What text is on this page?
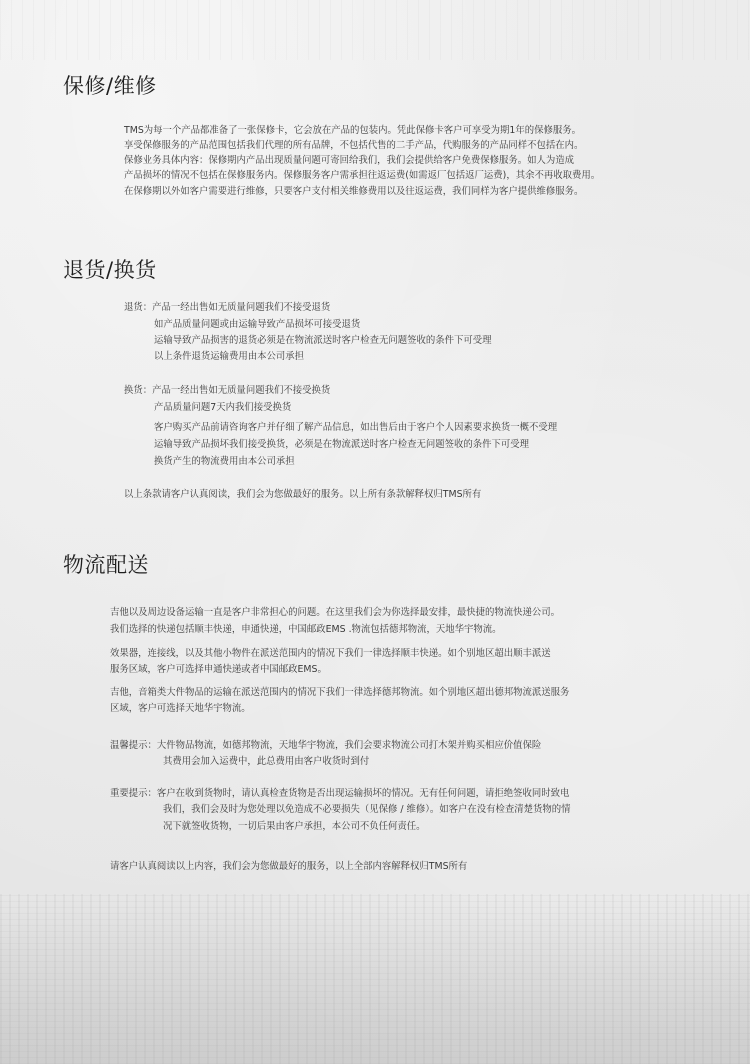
保修/维修

TMS为每一个产品都准备了一张保修卡，它会放在产品的包装内。凭此保修卡客户可享受为期1年的保修服务。

享受保修服务的产品范围包括我们代理的所有品牌，不包括代售的二手产品，代购服务的产品同样不包括在内。

保修业务具体内容：保修期内产品出现质量问题可寄回给我们，我们会提供给客户免费保修服务。如人为造成

产品损坏的情况不包括在保修服务内。保修服务客户需承担往返运费(如需返厂包括返厂运费)，其余不再收取费用。

在保修期以外如客户需要进行维修，只要客户支付相关维修费用以及往返运费，我们同样为客户提供维修服务。

退货/换货

退货：产品一经出售如无质量问题我们不接受退货

如产品质量问题或由运输导致产品损坏可接受退货

运输导致产品损害的退货必须是在物流派送时客户检查无问题签收的条件下可受理

以上条件退货运输费用由本公司承担

换货：产品一经出售如无质量问题我们不接受换货

产品质量问题7天内我们接受换货

客户购买产品前请咨询客户并仔细了解产品信息，如出售后由于客户个人因素要求换货一概不受理

运输导致产品损坏我们接受换货，必须是在物流派送时客户检查无问题签收的条件下可受理

换货产生的物流费用由本公司承担

以上条款请客户认真阅读，我们会为您做最好的服务。以上所有条款解释权归TMS所有

物流配送

吉他以及周边设备运输一直是客户非常担心的问题。在这里我们会为你选择最安排，最快捷的物流快递公司。

我们选择的快递包括顺丰快递，申通快递，中国邮政EMS .物流包括德邦物流，天地华宇物流。

效果器，连接线，以及其他小物件在派送范围内的情况下我们一律选择顺丰快递。如个别地区超出顺丰派送

服务区域，客户可选择申通快递或者中国邮政EMS。

吉他，音箱类大件物品的运输在派送范围内的情况下我们一律选择德邦物流。如个别地区超出德邦物流派送服务

区域，客户可选择天地华宇物流。

温馨提示：大件物品物流，如德邦物流，天地华宇物流，我们会要求物流公司打木架并购买相应价值保险

其费用会加入运费中，此总费用由客户收货时到付

重要提示：客户在收到货物时，请认真检查货物是否出现运输损坏的情况。无有任何问题，请拒绝签收同时致电

我们，我们会及时为您处理以免造成不必要损失（见保修 / 维修）。如客户在没有检查清楚货物的情

况下就签收货物，一切后果由客户承担，本公司不负任何责任。

请客户认真阅读以上内容，我们会为您做最好的服务，以上全部内容解释权归TMS所有
